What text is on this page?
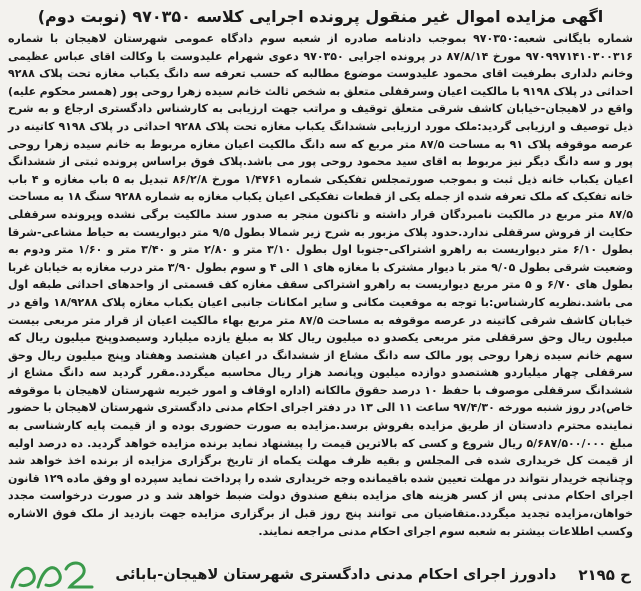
اگهی مزایده اموال غیر منقول پرونده اجرایی کلاسه ۹۷۰۳۵۰ (نوبت دوم)

شماره بایگانی شعبه:۹۷۰۳۵۰ بموجب دادنامه صادره از شعبه سوم دادگاه عمومی شهرستان لاهیجان با شماره ۹۷۰۹۹۷۱۴۱۰۳۰۰۳۱۶ مورخ ۸۷/۸/۱۴ در پرونده اجرایی ۹۷۰۳۵۰ دعوی شهرام علیدوست با وکالت اقای عباس عظیمی وخانم دلداری بطرفیت اقای محمود علیدوست موضوع مطالبه که حسب تعرفه سه دانگ یکباب مغازه تحت پلاک ۹۲۸۸ احداثی در پلاک ۹۱۹۸ با مالکیت اعیان وسرقفلی متعلق به شخص ثالث خانم سیده زهرا روحی پور (همسر محکوم علیه) واقع در لاهیجان-خیابان کاشف شرقی متعلق توقیف و مراتب جهت ارزیابی به کارشناس دادگستری ارجاع و به شرح ذیل توصیف و ارزیابی گردید:ملک مورد ارزیابی ششدانگ یکباب مغازه تحت پلاک ۹۲۸۸ احداثی در پلاک ۹۱۹۸ کاتینه در عرصه موقوفه پلاک ۹۱ به مساحت ۸۷/۵ متر مربع که سه دانگ مالکیت اعیان مغازه مربوط به خانم سیده زهرا روحی پور و سه دانگ دیگر نیز مربوط به اقای سید محمود روحی پور می باشد.پلاک فوق براساس پرونده ثبتی از ششدانگ اعیان یکباب خانه ذیل ثبت و بموجب صورتمجلس تفکیکی شماره ۱/۴۷۶۱ مورخ ۸۶/۲/۸ تبدیل به ۵ باب مغازه و ۴ باب خانه تفکیک که ملک تعرفه شده از جمله یکی از قطعات تفکیکی اعیان یکباب مغازه به شماره ۹۲۸۸ سنگ ۱۸ به مساحت ۸۷/۵ متر مربع در مالکیت نامبردگان قرار داشته و تاکنون منجر به صدور سند مالکیت برگی نشده وپرونده سرقفلی حکایت از فروش سرقفلی ندارد.حدود پلاک مزبور به شرح زیر شمالا بطول ۹/۵ متر دیواریست به حیاط مشاعی-شرقا بطول ۶/۱۰ متر دیواریست به راهرو اشتراکی-جنوبا اول بطول ۳/۱۰ متر و ۲/۸۰ متر و ۳/۴۰ متر و ۱/۶۰ متر ودوم به وضعیت شرقی بطول ۹/۰۵ متر با دیوار مشترک با مغازه های ۱ الی ۴ و سوم بطول ۳/۹۰ متر درب مغازه به خیابان غربا بطول های ۶/۷۰ و ۵ متر مربع دیواریست به راهرو اشتراکی سقف مغازه کف قسمتی از واحدهای احداثی طبقه اول می باشد.نظریه کارشناس:با توجه به موقعیت مکانی و سایر امکانات جانبی اعیان یکباب مغازه پلاک ۱۸/۹۲۸۸ واقع در خیابان کاشف شرقی کاتینه در عرصه موقوفه به مساحت ۸۷/۵ متر مربع بهاء مالکیت اعیان از قرار متر مربعی بیست میلیون ریال وحق سرقفلی متر مربعی یکصدو ده میلیون ریال کلا به مبلغ یازده میلیارد وسیصدوپنج میلیون ریال که سهم خانم سیده زهرا روحی پور مالک سه دانگ مشاع از ششدانگ در اعیان هشتصد وهفتاد وپنج میلیون ریال وحق سرقفلی چهار میلیاردو هشتصدو دوازده میلیون وپانصد هزار ریال محاسبه میگردد.مقرر گردید سه دانگ مشاع از ششدانگ سرقفلی موصوف با حفظ ۱۰ درصد حقوق مالکانه (اداره اوقاف و امور خیریه شهرستان لاهیجان با موقوفه خاص)در روز شنبه مورخه ۹۷/۴/۳۰ ساعت ۱۱ الی ۱۳ در دفتر اجرای احکام مدنی دادگستری شهرستان لاهیجان با حضور نماینده محترم دادستان از طریق مزایده بفروش برسد.مزایده به صورت حضوری بوده و از قیمت پایه کارشناسی به مبلغ ۵/۶۸۷/۵۰۰/۰۰۰ ریال شروع و کسی که بالاترین قیمت را پیشنهاد نماید برنده مزایده خواهد گردید. ده درصد اولیه از قیمت کل خریداری شده فی المجلس و بقیه ظرف مهلت یکماه از تاریخ برگزاری مزایده از برنده اخذ خواهد شد وچنانچه خریدار نتواند در مهلت تعیین شده باقیمانده وجه خریداری شده را پرداخت نماید سپرده او وفق ماده ۱۲۹ قانون اجرای احکام مدنی پس از کسر هزینه های مزایده بنفع صندوق دولت ضبط خواهد شد و در صورت درخواست مجدد خواهان،مزایده تجدید میگردد.متقاضیان می توانند پنج روز قبل از برگزاری مزایده جهت بازدید از ملک فوق الاشاره وکسب اطلاعات بیشتر به شعبه سوم اجرای احکام مدنی مراجعه نمایند.

ح ۲۱۹۵
دادورز اجرای احکام مدنی دادگستری شهرستان لاهیجان-بابائی
